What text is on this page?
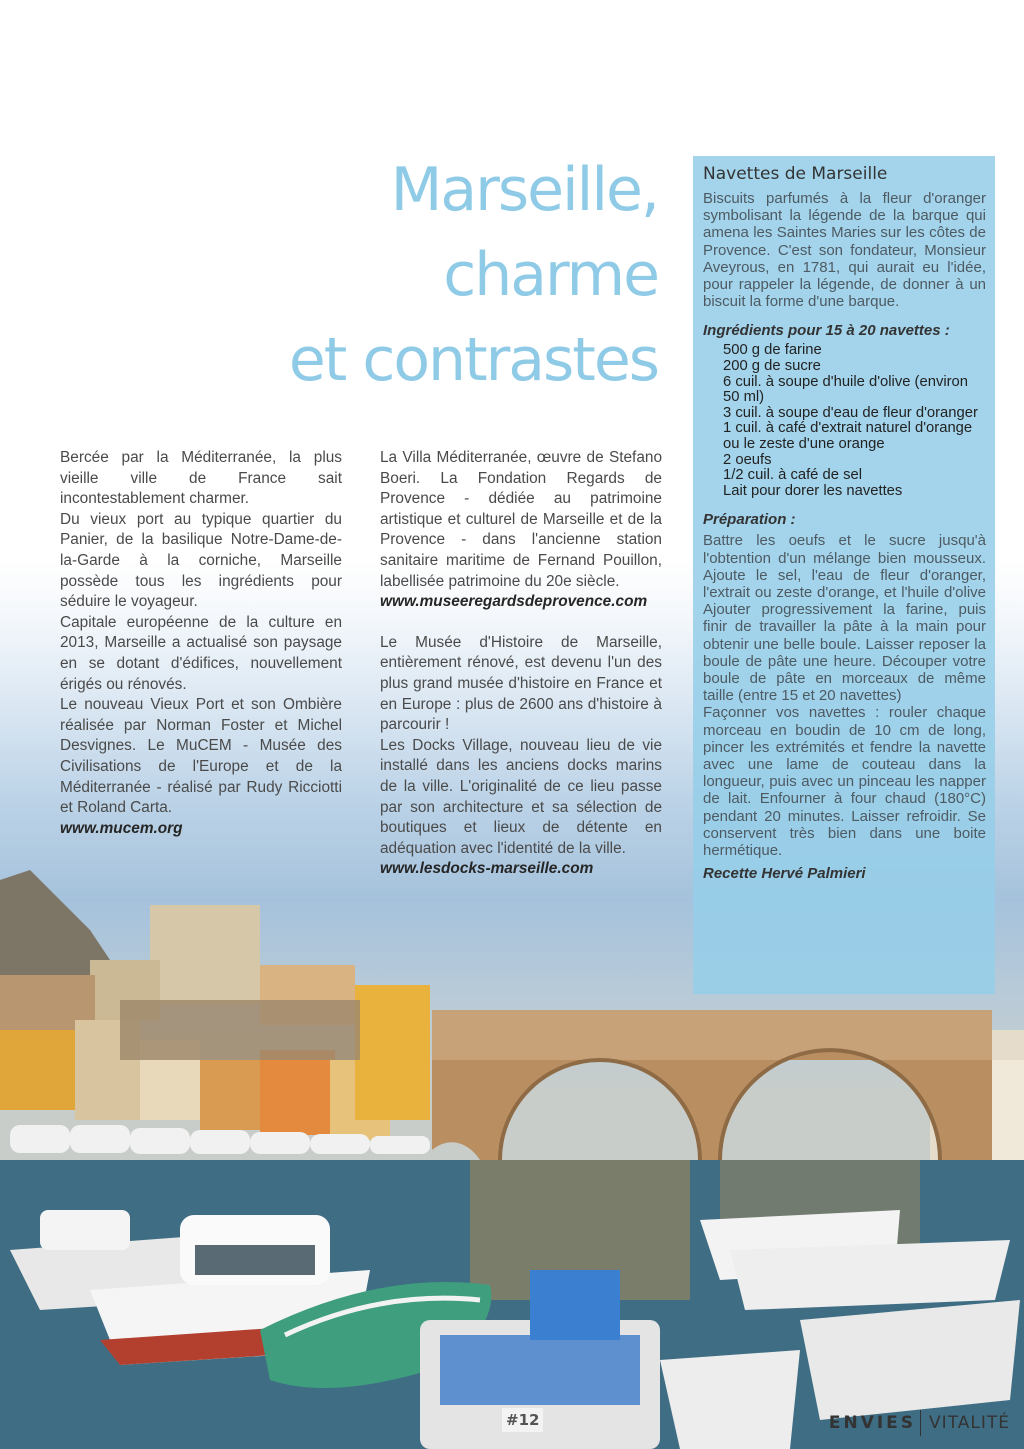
Marseille,
charme
et contrastes

Bercée par la Méditerranée, la plus vieille ville de France sait incontestablement charmer.

Du vieux port au typique quartier du Panier, de la basilique Notre-Dame-de-la-Garde à la corniche, Marseille possède tous les ingrédients pour séduire le voyageur.

Capitale européenne de la culture en 2013, Marseille a actualisé son paysage en se dotant d'édifices, nouvellement érigés ou rénovés.

Le nouveau Vieux Port et son Ombière réalisée par Norman Foster et Michel Desvignes. Le MuCEM - Musée des Civilisations de l'Europe et de la Méditerranée - réalisé par Rudy Ricciotti et Roland Carta.

www.mucem.org

La Villa Méditerranée, œuvre de Stefano Boeri. La Fondation Regards de Provence - dédiée au patrimoine artistique et culturel de Marseille et de la Provence - dans l'ancienne station sanitaire maritime de Fernand Pouillon, labellisée patrimoine du 20e siècle.

www.museeregardsdeprovence.com

Le Musée d'Histoire de Marseille, entièrement rénové, est devenu l'un des plus grand musée d'histoire en France et en Europe : plus de 2600 ans d'histoire à parcourir !

Les Docks Village, nouveau lieu de vie installé dans les anciens docks marins de la ville. L'originalité de ce lieu passe par son architecture et sa sélection de boutiques et lieux de détente en adéquation avec l'identité de la ville.

www.lesdocks-marseille.com

Navettes de Marseille

Biscuits parfumés à la fleur d'oranger symbolisant la légende de la barque qui amena les Saintes Maries sur les côtes de Provence. C'est son fondateur, Monsieur Aveyrous, en 1781, qui aurait eu l'idée, pour rappeler la légende, de donner à un biscuit la forme d'une barque.

Ingrédients pour 15 à 20 navettes :
500 g de farine
200 g de sucre
6 cuil. à soupe d'huile d'olive (environ 50 ml)
3 cuil. à soupe d'eau de fleur d'oranger
1 cuil. à café d'extrait naturel d'orange ou le zeste d'une orange
2 oeufs
1/2 cuil. à café de sel
Lait pour dorer les navettes
Préparation :

Battre les oeufs et le sucre jusqu'à l'obtention d'un mélange bien mousseux. Ajoute le sel, l'eau de fleur d'oranger, l'extrait ou zeste d'orange, et l'huile d'olive Ajouter progressivement la farine, puis finir de travailler la pâte à la main pour obtenir une belle boule. Laisser reposer la boule de pâte une heure. Découper votre boule de pâte en morceaux de même taille (entre 15 et 20 navettes)

Façonner vos navettes : rouler chaque morceau en boudin de 10 cm de long, pincer les extrémités et fendre la navette avec une lame de couteau dans la longueur, puis avec un pinceau les napper de lait. Enfourner à four chaud (180°C) pendant 20 minutes. Laisser refroidir. Se conservent très bien dans une boite hermétique.

Recette Hervé Palmieri
#12	ENVIES VITALITÉ
